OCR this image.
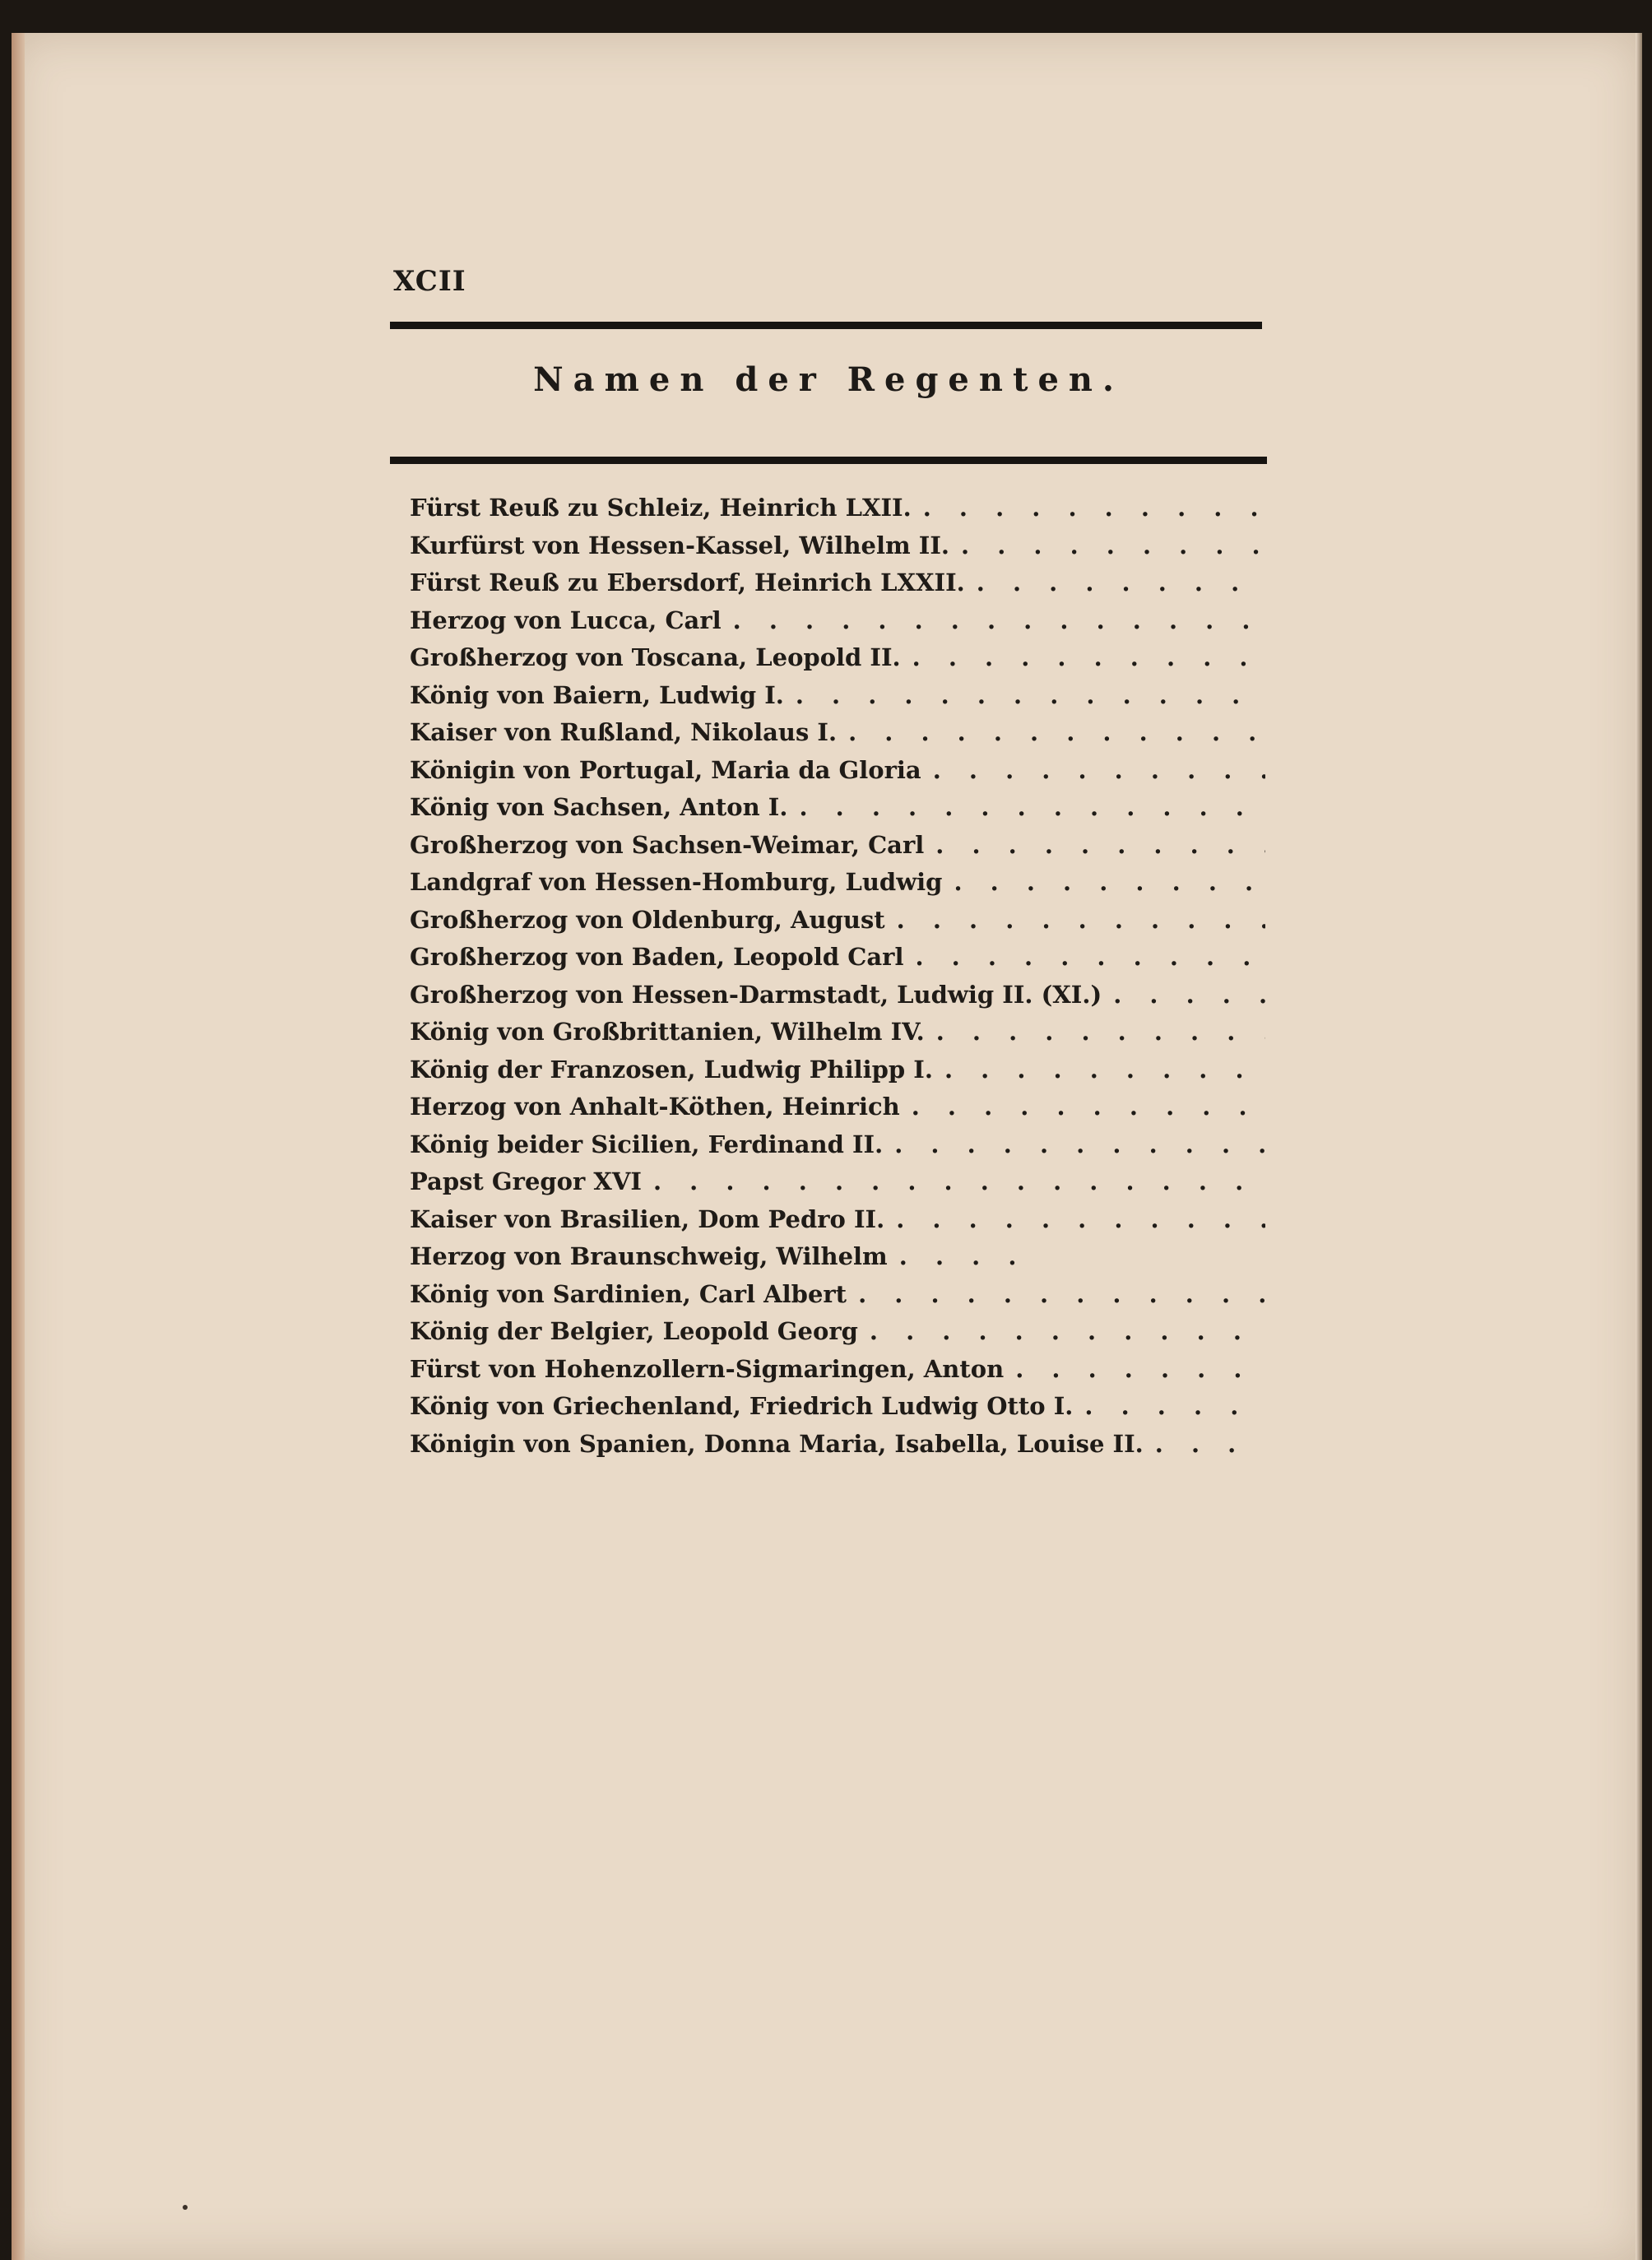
XCII
Namen der Regenten.
Fürst Reuß zu Schleiz, Heinrich LXII.
. . .
Kurfürst von Hessen-Kassel, Wilhelm II.
. . .
Fürst Reuß zu Ebersdorf, Heinrich LXXII.
. . .
Herzog von Lucca, Carl
. . .
Großherzog von Toscana, Leopold II.
. . .
König von Baiern, Ludwig I.
. . .
Kaiser von Rußland, Nikolaus I.
. . .
Königin von Portugal, Maria da Gloria
. . .
König von Sachsen, Anton I.
. . .
Großherzog von Sachsen-Weimar, Carl
. . .
Landgraf von Hessen-Homburg, Ludwig
. . .
Großherzog von Oldenburg, August
. . .
Großherzog von Baden, Leopold Carl
. . .
Großherzog von Hessen-Darmstadt, Ludwig II. (XI.)
. . .
König von Großbrittanien, Wilhelm IV.
. . .
König der Franzosen, Ludwig Philipp I.
. . .
Herzog von Anhalt-Köthen, Heinrich
. . .
König beider Sicilien, Ferdinand II.
. . .
Papst Gregor XVI
. . .
Kaiser von Brasilien, Dom Pedro II.
. . .
Herzog von Braunschweig, Wilhelm
. . .
König von Sardinien, Carl Albert
. . .
König der Belgier, Leopold Georg
. . .
Fürst von Hohenzollern-Sigmaringen, Anton
. . .
König von Griechenland, Friedrich Ludwig Otto I.
. . .
Königin von Spanien, Donna Maria, Isabella, Louise II.
. . .
